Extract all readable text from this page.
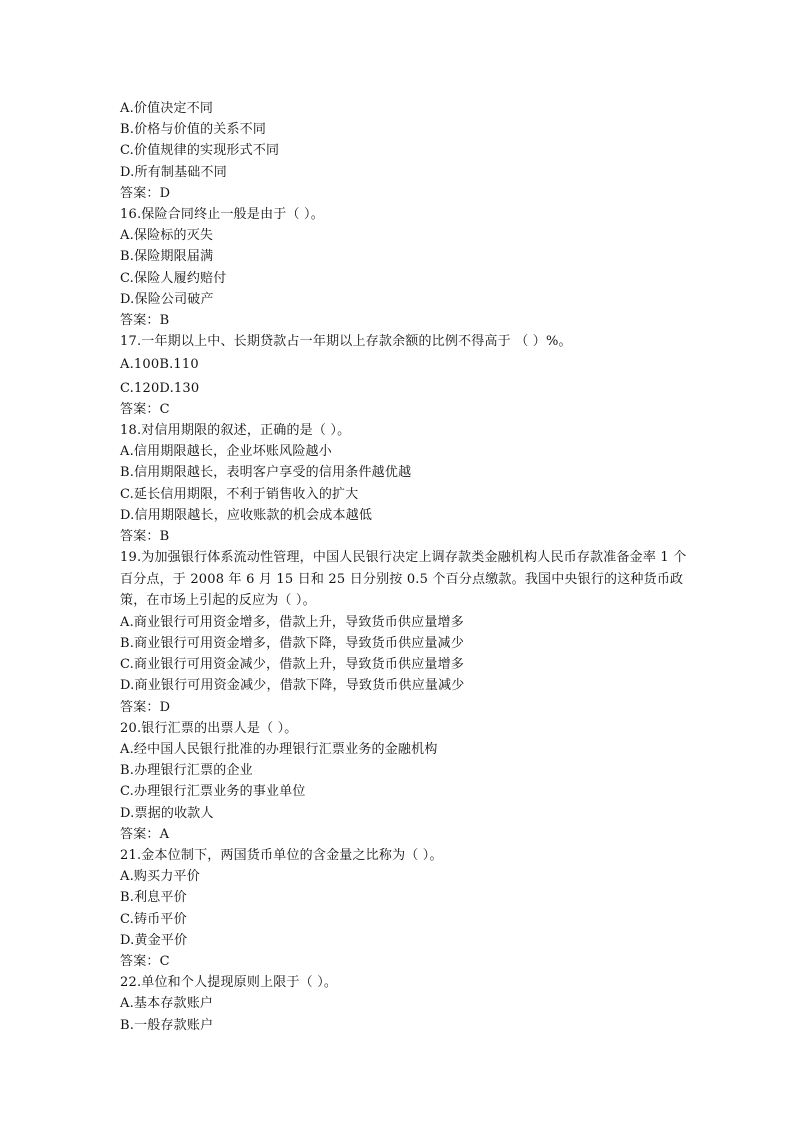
A.价值决定不同
B.价格与价值的关系不同
C.价值规律的实现形式不同
D.所有制基础不同
答案：D
16.保险合同终止一般是由于（ ）。
A.保险标的灭失
B.保险期限届满
C.保险人履约赔付
D.保险公司破产
答案：B
17.一年期以上中、长期贷款占一年期以上存款余额的比例不得高于 （ ）%。
A.100B.110
C.120D.130
答案：C
18.对信用期限的叙述，正确的是（ ）。
A.信用期限越长，企业坏账风险越小
B.信用期限越长，表明客户享受的信用条件越优越
C.延长信用期限，不利于销售收入的扩大
D.信用期限越长，应收账款的机会成本越低
答案：B
19.为加强银行体系流动性管理，中国人民银行决定上调存款类金融机构人民币存款准备金率 1 个百分点，于 2008 年 6 月 15 日和 25 日分别按 0.5 个百分点缴款。我国中央银行的这种货币政策，在市场上引起的反应为（ ）。
A.商业银行可用资金增多，借款上升，导致货币供应量增多
B.商业银行可用资金增多，借款下降，导致货币供应量减少
C.商业银行可用资金减少，借款上升，导致货币供应量增多
D.商业银行可用资金减少，借款下降，导致货币供应量减少
答案：D
20.银行汇票的出票人是（ ）。
A.经中国人民银行批准的办理银行汇票业务的金融机构
B.办理银行汇票的企业
C.办理银行汇票业务的事业单位
D.票据的收款人
答案：A
21.金本位制下，两国货币单位的含金量之比称为（ ）。
A.购买力平价
B.利息平价
C.铸币平价
D.黄金平价
答案：C
22.单位和个人提现原则上限于（ ）。
A.基本存款账户
B.一般存款账户
